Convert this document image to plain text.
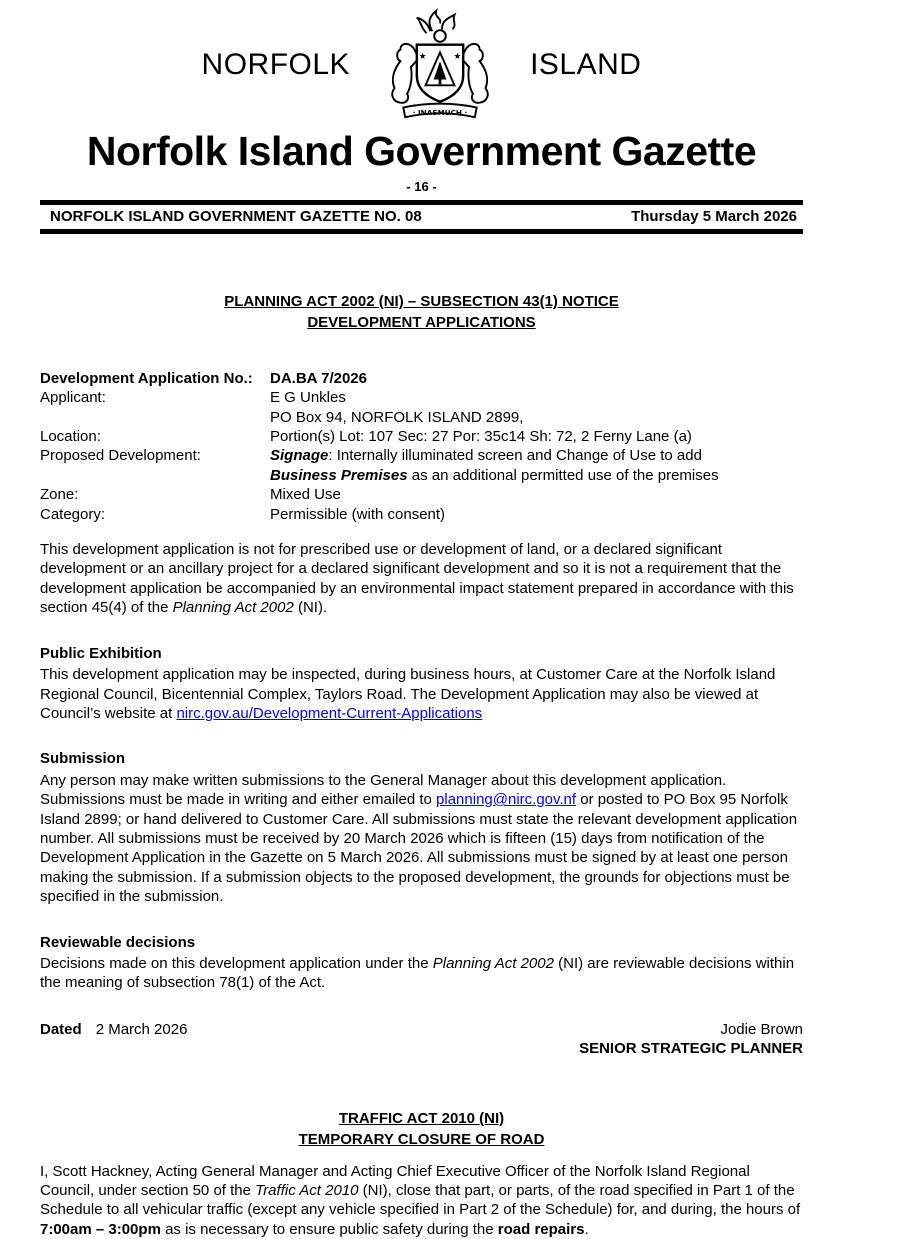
NORFOLK	★	★
· INASMUCH ·
ISLAND
Norfolk Island Government Gazette
- 16 -
NORFOLK ISLAND GOVERNMENT GAZETTE NO. 08	Thursday 5 March 2026
PLANNING ACT 2002 (NI) – SUBSECTION 43(1) NOTICE
DEVELOPMENT APPLICATIONS
Development Application No.:	DA.BA 7/2026
Applicant:	E G Unkles
PO Box 94, NORFOLK ISLAND 2899,
Location:	Portion(s) Lot: 107 Sec: 27 Por: 35c14 Sh: 72, 2 Ferny Lane (a)
Proposed Development:	Signage: Internally illuminated screen and Change of Use to add
Business Premises as an additional permitted use of the premises
Zone:	Mixed Use
Category:	Permissible (with consent)

This development application is not for prescribed use or development of land, or a declared significant development or an ancillary project for a declared significant development and so it is not a requirement that the development application be accompanied by an environmental impact statement prepared in accordance with this section 45(4) of the Planning Act 2002 (NI).

Public Exhibition

This development application may be inspected, during business hours, at Customer Care at the Norfolk Island Regional Council, Bicentennial Complex, Taylors Road. The Development Application may also be viewed at Council’s website at nirc.gov.au/Development-Current-Applications

Submission

Any person may make written submissions to the General Manager about this development application. Submissions must be made in writing and either emailed to planning@nirc.gov.nf or posted to PO Box 95 Norfolk Island 2899; or hand delivered to Customer Care. All submissions must state the relevant development application number. All submissions must be received by 20 March 2026 which is fifteen (15) days from notification of the Development Application in the Gazette on 5 March 2026. All submissions must be signed by at least one person making the submission. If a submission objects to the proposed development, the grounds for objections must be specified in the submission.

Reviewable decisions

Decisions made on this development application under the Planning Act 2002 (NI) are reviewable decisions within the meaning of subsection 78(1) of the Act.

Dated 2 March 2026	Jodie Brown
SENIOR STRATEGIC PLANNER
TRAFFIC ACT 2010 (NI)
TEMPORARY CLOSURE OF ROAD

I, Scott Hackney, Acting General Manager and Acting Chief Executive Officer of the Norfolk Island Regional Council, under section 50 of the Traffic Act 2010 (NI), close that part, or parts, of the road specified in Part 1 of the Schedule to all vehicular traffic (except any vehicle specified in Part 2 of the Schedule) for, and during, the hours of 7:00am – 3:00pm as is necessary to ensure public safety during the road repairs.
